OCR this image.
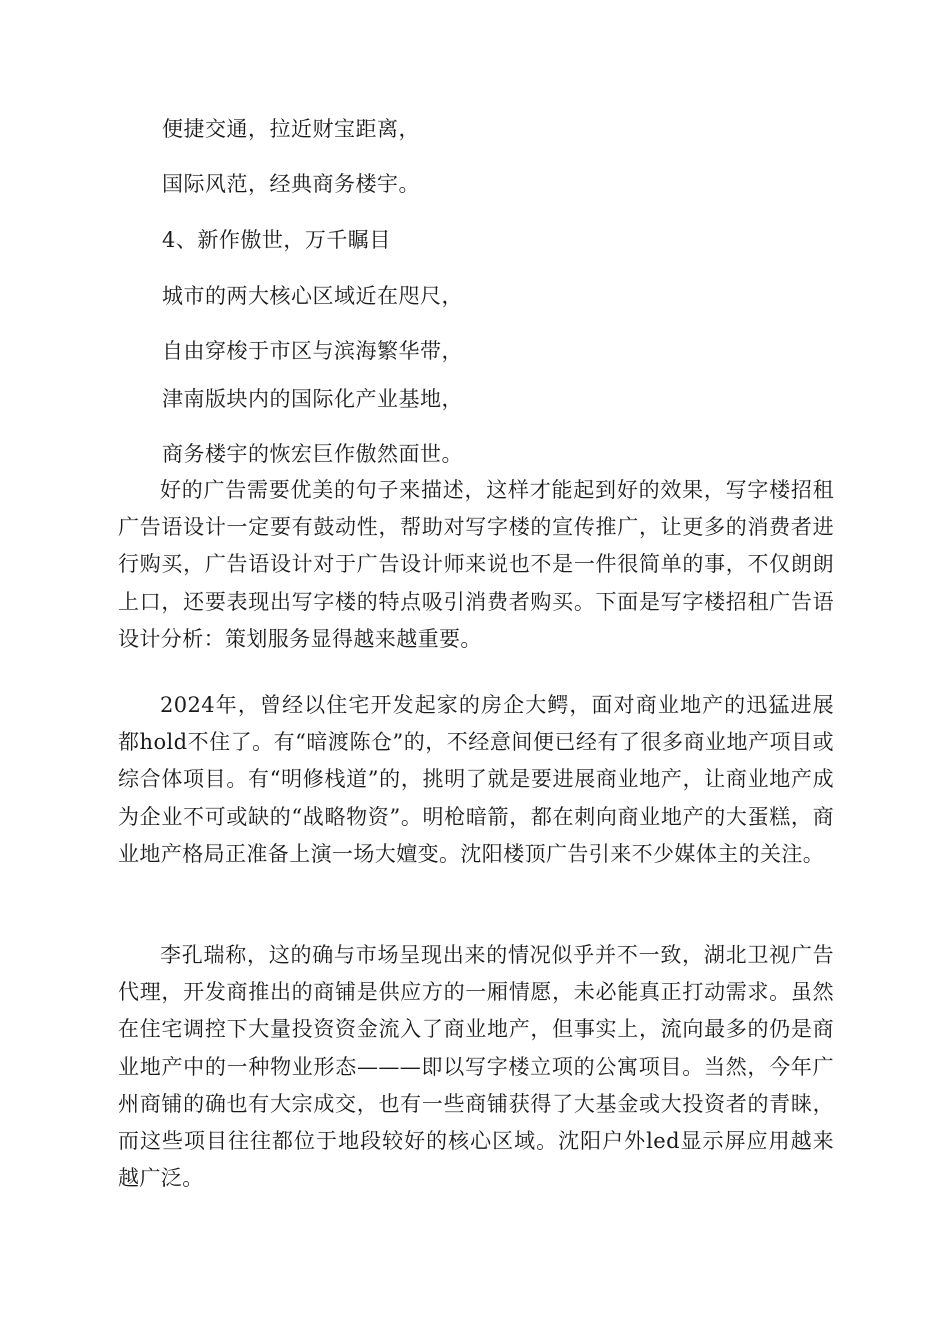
便捷交通，拉近财宝距离，
国际风范，经典商务楼宇。
4、新作傲世，万千瞩目
城市的两大核心区域近在咫尺，
自由穿梭于市区与滨海繁华带，
津南版块内的国际化产业基地，
商务楼宇的恢宏巨作傲然面世。

好的广告需要优美的句子来描述，这样才能起到好的效果，写字楼招租广告语设计一定要有鼓动性，帮助对写字楼的宣传推广，让更多的消费者进行购买，广告语设计对于广告设计师来说也不是一件很简单的事，不仅朗朗上口，还要表现出写字楼的特点吸引消费者购买。下面是写字楼招租广告语设计分析：策划服务显得越来越重要。

2024年，曾经以住宅开发起家的房企大鳄，面对商业地产的迅猛进展都hold不住了。有“暗渡陈仓”的，不经意间便已经有了很多商业地产项目或综合体项目。有“明修栈道”的，挑明了就是要进展商业地产，让商业地产成为企业不可或缺的“战略物资”。明枪暗箭，都在刺向商业地产的大蛋糕，商业地产格局正准备上演一场大嬗变。沈阳楼顶广告引来不少媒体主的关注。

李孔瑞称，这的确与市场呈现出来的情况似乎并不一致，湖北卫视广告代理，开发商推出的商铺是供应方的一厢情愿，未必能真正打动需求。虽然在住宅调控下大量投资资金流入了商业地产，但事实上，流向最多的仍是商业地产中的一种物业形态———即以写字楼立项的公寓项目。当然，今年广州商铺的确也有大宗成交，也有一些商铺获得了大基金或大投资者的青睐，而这些项目往往都位于地段较好的核心区域。沈阳户外led显示屏应用越来越广泛。
